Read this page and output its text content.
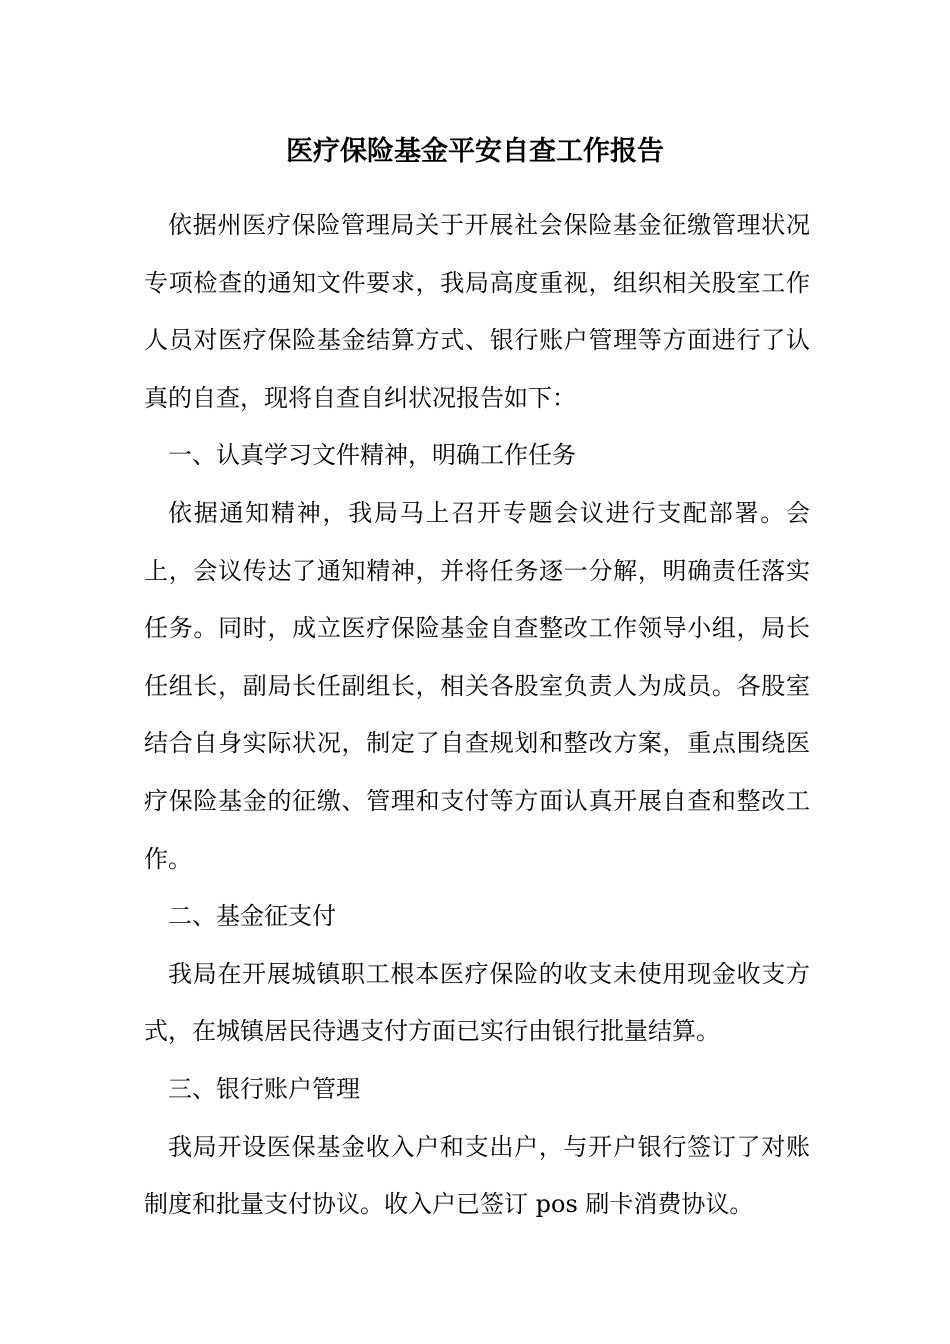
医疗保险基金平安自查工作报告

依据州医疗保险管理局关于开展社会保险基金征缴管理状况专项检查的通知文件要求，我局高度重视，组织相关股室工作人员对医疗保险基金结算方式、银行账户管理等方面进行了认真的自查，现将自查自纠状况报告如下：

一、认真学习文件精神，明确工作任务

依据通知精神，我局马上召开专题会议进行支配部署。会上，会议传达了通知精神，并将任务逐一分解，明确责任落实任务。同时，成立医疗保险基金自查整改工作领导小组，局长任组长，副局长任副组长，相关各股室负责人为成员。各股室结合自身实际状况，制定了自查规划和整改方案，重点围绕医疗保险基金的征缴、管理和支付等方面认真开展自查和整改工作。

二、基金征支付

我局在开展城镇职工根本医疗保险的收支未使用现金收支方式，在城镇居民待遇支付方面已实行由银行批量结算。

三、银行账户管理

我局开设医保基金收入户和支出户，与开户银行签订了对账制度和批量支付协议。收入户已签订 pos 刷卡消费协议。
